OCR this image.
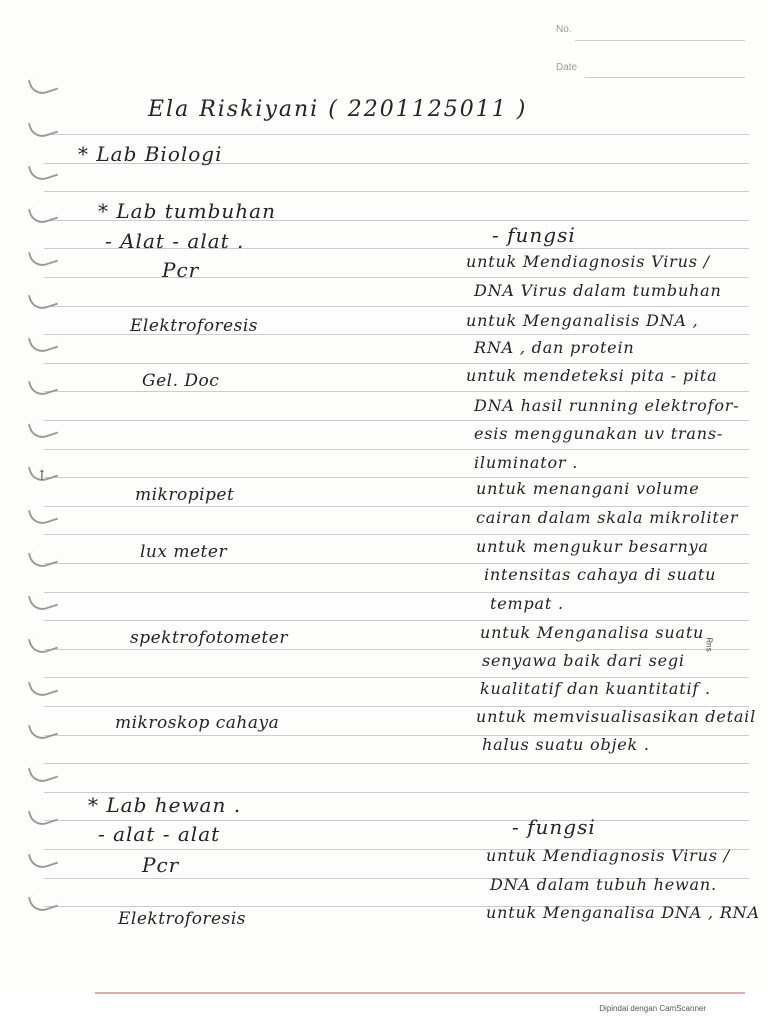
No.
Date
↑
Ela Riskiyani ( 2201125011 )
* Lab Biologi
* Lab tumbuhan
- Alat - alat .	- fungsi
Pcr	untuk Mendiagnosis Virus /
DNA Virus dalam tumbuhan
Elektroforesis	untuk Menganalisis DNA ,
RNA , dan protein
Gel. Doc	untuk mendeteksi pita - pita
DNA hasil running elektrofor-
esis menggunakan uv trans-
iluminator .
mikropipet	untuk menangani volume
cairan dalam skala mikroliter
lux meter	untuk mengukur besarnya
intensitas cahaya di suatu
tempat .
spektrofotometer	untuk Menganalisa suatu
senyawa baik dari segi
kualitatif dan kuantitatif .
mikroskop cahaya	untuk memvisualisasikan detail
halus suatu objek .
* Lab hewan .
- alat - alat	- fungsi
Pcr	untuk Mendiagnosis Virus /
DNA dalam tubuh hewan.
Elektroforesis	untuk Menganalisa DNA , RNA
Rns
Dipindai dengan CamScanner
